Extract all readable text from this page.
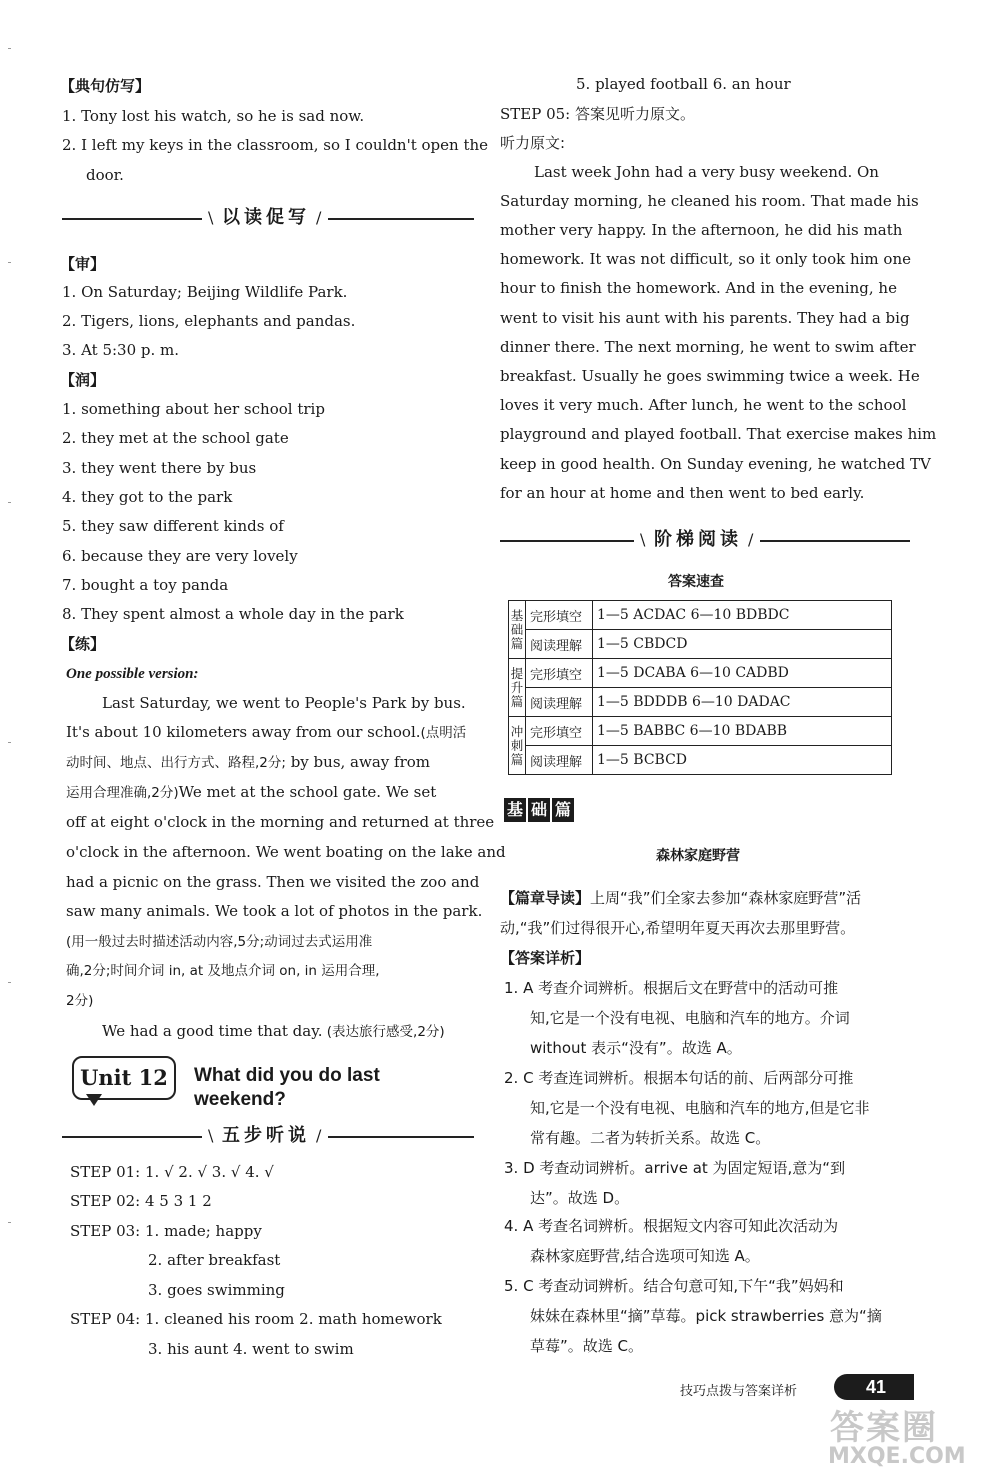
【典句仿写】
1. Tony lost his watch, so he is sad now.
2. I left my keys in the classroom, so I couldn't open the
door.
\ 以读促写 /
【审】
1. On Saturday; Beijing Wildlife Park.
2. Tigers, lions, elephants and pandas.
3. At 5:30 p. m.
【润】
1. something about her school trip
2. they met at the school gate
3. they went there by bus
4. they got to the park
5. they saw different kinds of
6. because they are very lovely
7. bought a toy panda
8. They spent almost a whole day in the park
【练】
One possible version:
Last Saturday, we went to People's Park by bus.
It's about 10 kilometers away from our school.(点明活
动时间、地点、出行方式、路程,2分; by bus, away from
运用合理准确,2分)We met at the school gate. We set
off at eight o'clock in the morning and returned at three
o'clock in the afternoon. We went boating on the lake and
had a picnic on the grass. Then we visited the zoo and
saw many animals. We took a lot of photos in the park.
(用一般过去时描述活动内容,5分;动词过去式运用准
确,2分;时间介词 in, at 及地点介词 on, in 运用合理,
2分)
We had a good time that day. (表达旅行感受,2分)
Unit 12	What did you do last weekend?
\ 五步听说 /
STEP 01: 1. √ 2. √ 3. √ 4. √
STEP 02: 4 5 3 1 2
STEP 03: 1. made; happy
2. after breakfast
3. goes swimming
STEP 04: 1. cleaned his room 2. math homework
3. his aunt 4. went to swim
5. played football 6. an hour
STEP 05: 答案见听力原文。
听力原文:
Last week John had a very busy weekend. On
Saturday morning, he cleaned his room. That made his
mother very happy. In the afternoon, he did his math
homework. It was not difficult, so it only took him one
hour to finish the homework. And in the evening, he
went to visit his aunt with his parents. They had a big
dinner there. The next morning, he went to swim after
breakfast. Usually he goes swimming twice a week. He
loves it very much. After lunch, he went to the school
playground and played football. That exercise makes him
keep in good health. On Sunday evening, he watched TV
for an hour at home and then went to bed early.
\ 阶梯阅读 /
答案速查
基础篇	完形填空	1—5 ACDAC 6—10 BDBDC
	阅读理解	1—5 CBDCD
提升篇	完形填空	1—5 DCABA 6—10 CADBD
	阅读理解	1—5 BDDDB 6—10 DADAC
冲刺篇	完形填空	1—5 BABBC 6—10 BDABB
	阅读理解	1—5 BCBCD
基 础 篇
森林家庭野营
【篇章导读】上周“我”们全家去参加“森林家庭野营”活
动,“我”们过得很开心,希望明年夏天再次去那里野营。
【答案详析】
1. A 考查介词辨析。根据后文在野营中的活动可推
知,它是一个没有电视、电脑和汽车的地方。介词
without 表示“没有”。故选 A。
2. C 考查连词辨析。根据本句话的前、后两部分可推
知,它是一个没有电视、电脑和汽车的地方,但是它非
常有趣。二者为转折关系。故选 C。
3. D 考查动词辨析。arrive at 为固定短语,意为“到
达”。故选 D。
4. A 考查名词辨析。根据短文内容可知此次活动为
森林家庭野营,结合选项可知选 A。
5. C 考查动词辨析。结合句意可知,下午“我”妈妈和
妹妹在森林里“摘”草莓。pick strawberries 意为“摘
草莓”。故选 C。
技巧点拨与答案详析	41
答案圈
MXQE.COM
